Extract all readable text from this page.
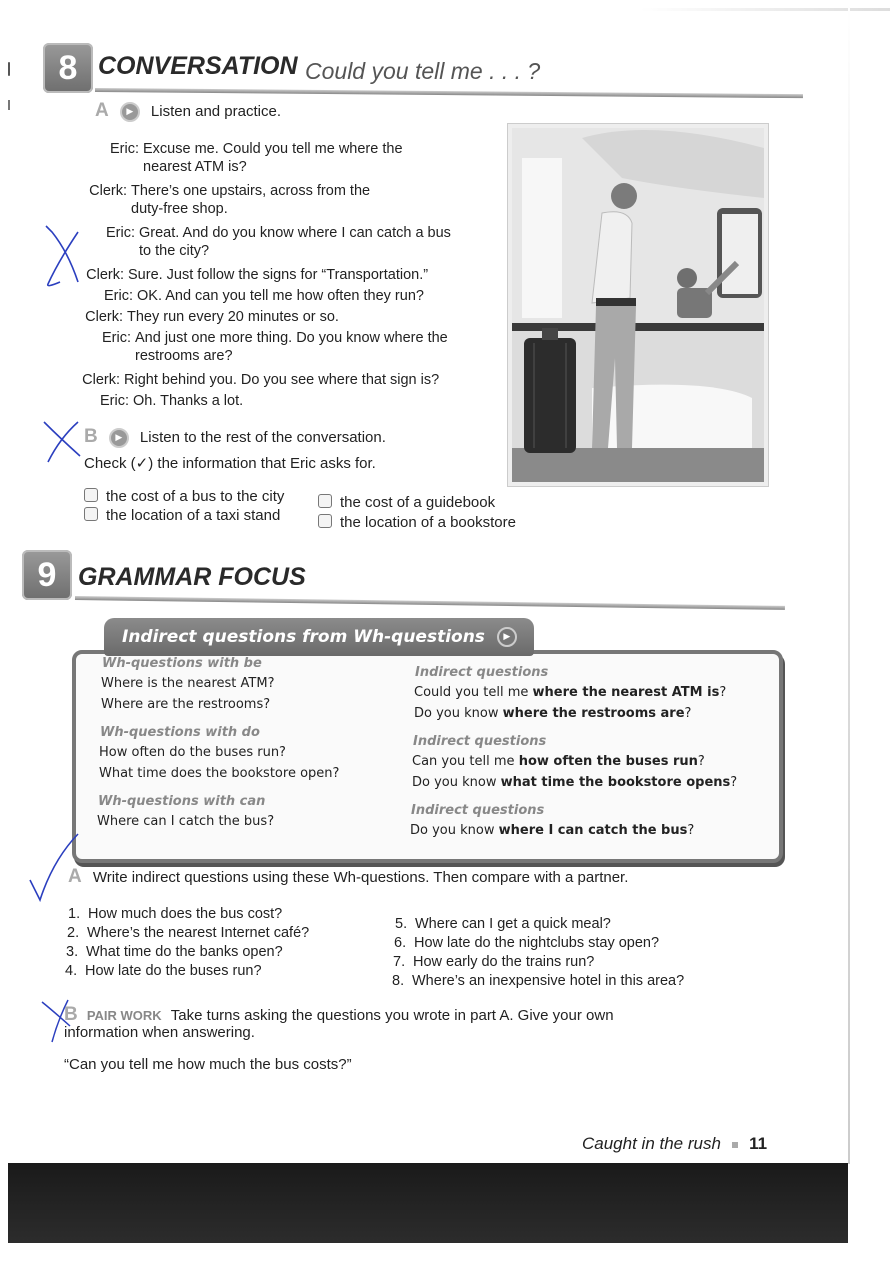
8 CONVERSATION Could you tell me . . . ?
A ▶ Listen and practice.
Eric: Excuse me. Could you tell me where the
nearest ATM is?
Clerk: There’s one upstairs, across from the
duty-free shop.
Eric: Great. And do you know where I can catch a bus
to the city?
Clerk: Sure. Just follow the signs for “Transportation.”
Eric: OK. And can you tell me how often they run?
Clerk: They run every 20 minutes or so.
Eric: And just one more thing. Do you know where the
restrooms are?
Clerk: Right behind you. Do you see where that sign is?
Eric: Oh. Thanks a lot.
B ▶ Listen to the rest of the conversation.
Check (✓) the information that Eric asks for.
the cost of a bus to the city
the location of a taxi stand
the cost of a guidebook
the location of a bookstore
9 GRAMMAR FOCUS
Indirect questions from Wh-questions ▶
Wh-questions with be
Where is the nearest ATM?
Where are the restrooms?
Indirect questions
Could you tell me where the nearest ATM is?
Do you know where the restrooms are?
Wh-questions with do
How often do the buses run?
What time does the bookstore open?
Indirect questions
Can you tell me how often the buses run?
Do you know what time the bookstore opens?
Wh-questions with can
Where can I catch the bus?
Indirect questions
Do you know where I can catch the bus?
A Write indirect questions using these Wh-questions. Then compare with a partner.
1. How much does the bus cost?
2. Where’s the nearest Internet café?
3. What time do the banks open?
4. How late do the buses run?
5. Where can I get a quick meal?
6. How late do the nightclubs stay open?
7. How early do the trains run?
8. Where’s an inexpensive hotel in this area?
B PAIR WORK Take turns asking the questions you wrote in part A. Give your own
information when answering.
“Can you tell me how much the bus costs?”
Caught in the rush 11
